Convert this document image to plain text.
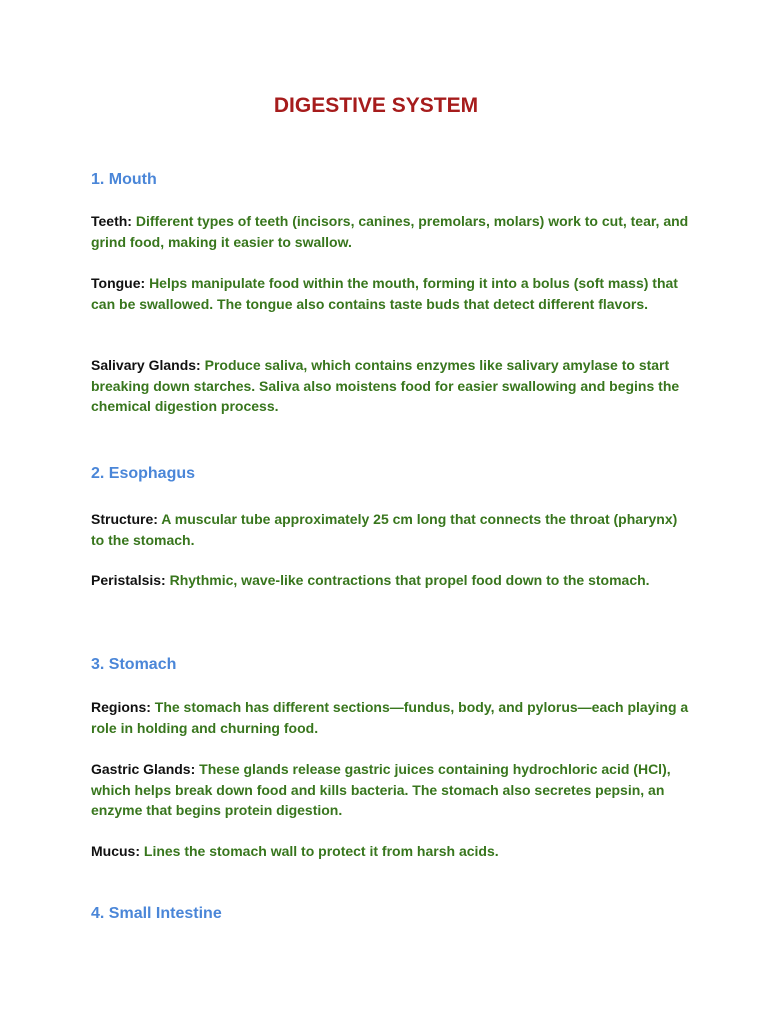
DIGESTIVE SYSTEM
1. Mouth

Teeth: Different types of teeth (incisors, canines, premolars, molars) work to cut, tear, and grind food, making it easier to swallow.

Tongue: Helps manipulate food within the mouth, forming it into a bolus (soft mass) that can be swallowed. The tongue also contains taste buds that detect different flavors.

Salivary Glands: Produce saliva, which contains enzymes like salivary amylase to start breaking down starches. Saliva also moistens food for easier swallowing and begins the chemical digestion process.

2. Esophagus

Structure: A muscular tube approximately 25 cm long that connects the throat (pharynx) to the stomach.

Peristalsis: Rhythmic, wave-like contractions that propel food down to the stomach.

3. Stomach

Regions: The stomach has different sections—fundus, body, and pylorus—each playing a role in holding and churning food.

Gastric Glands: These glands release gastric juices containing hydrochloric acid (HCl), which helps break down food and kills bacteria. The stomach also secretes pepsin, an enzyme that begins protein digestion.

Mucus: Lines the stomach wall to protect it from harsh acids.

4. Small Intestine
